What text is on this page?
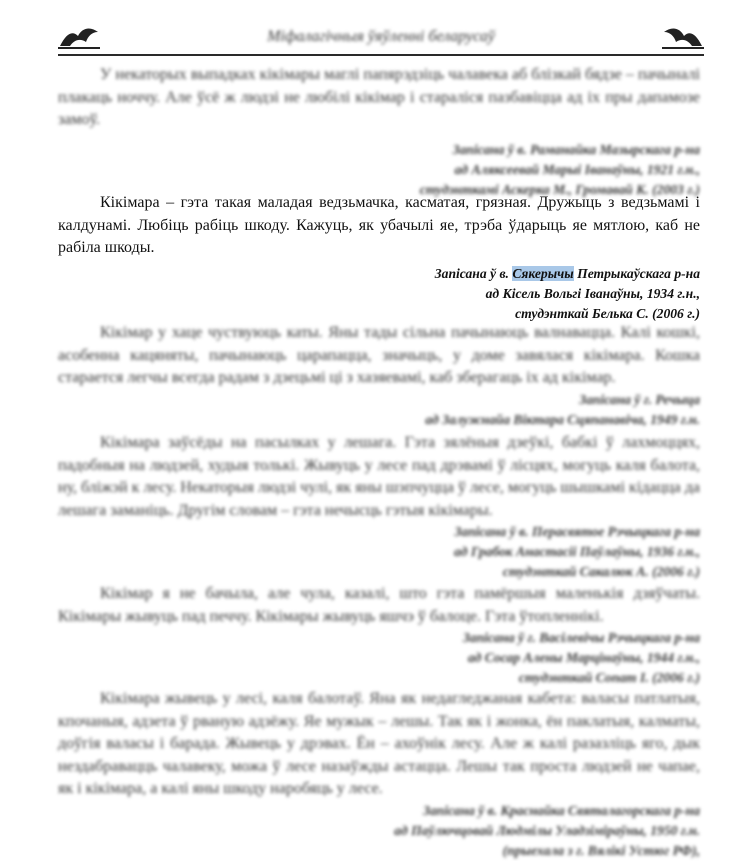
Міфалагічныя ўяўленні беларусаў

У некаторых выпадках кікімары маглі папярэдзіць чалавека аб блізкай бядзе – пачыналі плакаць ноччу. Але ўсё ж людзі не любілі кікімар і стараліся пазбавіцца ад іх пры дапамозе замоў.

Запісана ў в. Раманайка Мазырскага р-на

ад Аляксеевай Марыі Іванаўны, 1921 г.н.,

студэнткамі Аскерка М., Громавай К. (2003 г.)

Кікімара – гэта такая маладая ведзьмачка, касматая, грязная. Дружыць з ведзьмамі і калдунамі. Любіць рабіць шкоду. Кажуць, як убачылі яе, трэба ўдарыць яе мятлою, каб не рабіла шкоды.

Запісана ў в. Сякерычы Петрыкаўскага р-на

ад Кісель Вольгі Іванаўны, 1934 г.н.,

студэнткай Белька С. (2006 г.)

Кікімар у хаце чуствуюць каты. Яны тады сільна пачынаюць валнавацца. Калі кошкі, асобенна кацяняты, пачынаюць царапацца, значыць, у доме завялася кікімара. Кошка старается легчы всегда радам з дзецьмі ці з хазяевамі, каб зберагаць іх ад кікімар.

Запісана ў г. Речыца

ад Залужнайа Віктара Сцяпанавіча, 1949 г.н.

Кікімара заўсёды на пасылках у лешага. Гэта зялёныя дзеўкі, бабкі ў лахмоццях, падобныя на людзей, худыя толькі. Жывуць у лесе пад дрэвамі ў лісцях, могуць каля балота, ну, бліжэй к лесу. Некаторыя людзі чулі, як яны шэпчуцца ў лесе, могуць шышкамі кідацца да лешага заманіць. Другім словам – гэта нечысць гэтыя кікімары.

Запісана ў в. Перасвятое Рэчыцкага р-на

ад Грабок Анастасіі Паўлаўны, 1936 г.н.,

студэнткай Сакалюк А. (2006 г.)

Кікімар я не бачыла, але чула, казалі, што гэта памёршыя маленькія дзяўчаты. Кікімары жывуць пад печчу. Кікімары жывуць яшчэ ў балоце. Гэта ўтопленнікі.

Запісана ў г. Васілевічы Рэчыцкага р-на

ад Сосар Алены Марцінаўны, 1944 г.н.,

студэнткай Сопат І. (2006 г.)

Кікімара жывець у лесі, каля балотаў. Яна як недагледжаная кабета: валасы патлатыя, кпочаныя, адзета ў рваную адзёжу. Яе мужык – лешы. Так як і жонка, ён паклатыя, калматы, доўгія валасы і барада. Жывець у дрэвах. Ён – ахоўнік лесу. Але ж калі разазліць яго, дык нездабравацць чалавеку, можа ў лесе назаўжды астацца. Лешы так проста людзей не чапае, як і кікімара, а калі яны шкоду наробяць у лесе.

Запісана ў в. Краснайка Святалагорскага р-на

ад Паўлючцовай Людмілы Уладзіміраўны, 1950 г.н.

(прыехала з г. Вялікі Устюг РФ),
